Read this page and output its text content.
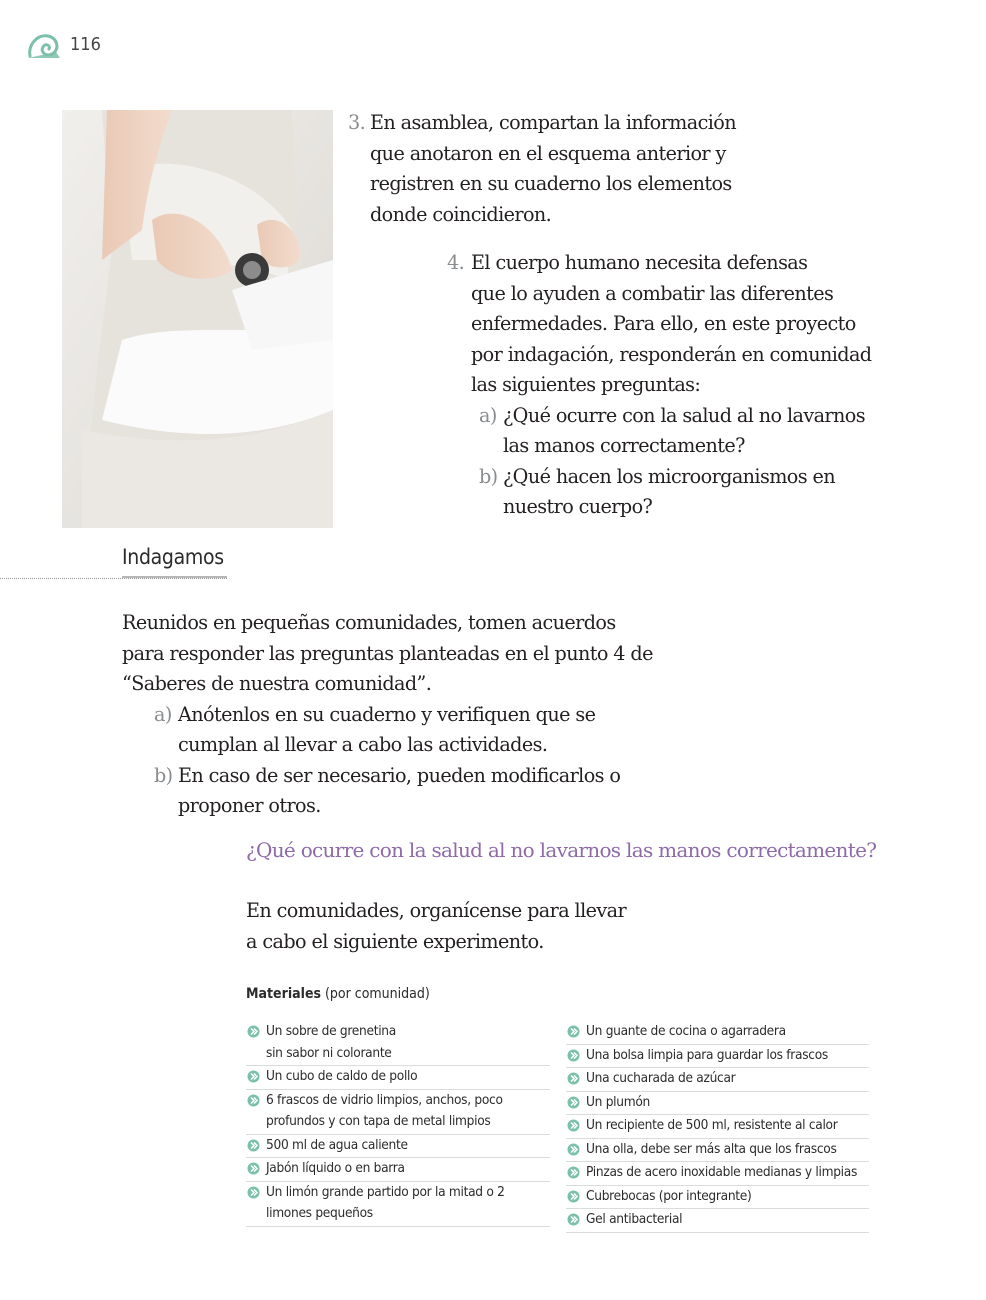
116
3. En asamblea, compartan la información
que anotaron en el esquema anterior y
registren en su cuaderno los elementos
donde coincidieron.
4. El cuerpo humano necesita defensas
que lo ayuden a combatir las diferentes
enfermedades. Para ello, en este proyecto
por indagación, responderán en comunidad
las siguientes preguntas:
a) ¿Qué ocurre con la salud al no lavarnos
las manos correctamente?
b) ¿Qué hacen los microorganismos en
nuestro cuerpo?
Indagamos
Reunidos en pequeñas comunidades, tomen acuerdos
para responder las preguntas planteadas en el punto 4 de
“Saberes de nuestra comunidad”.
a) Anótenlos en su cuaderno y verifiquen que se
cumplan al llevar a cabo las actividades.
b) En caso de ser necesario, pueden modificarlos o
proponer otros.
¿Qué ocurre con la salud al no lavarnos las manos correctamente?
En comunidades, organícense para llevar
a cabo el siguiente experimento.
Materiales (por comunidad)
Un sobre de grenetina
sin sabor ni colorante
Un cubo de caldo de pollo
6 frascos de vidrio limpios, anchos, poco
profundos y con tapa de metal limpios
500 ml de agua caliente
Jabón líquido o en barra
Un limón grande partido por la mitad o 2
limones pequeños
Un guante de cocina o agarradera
Una bolsa limpia para guardar los frascos
Una cucharada de azúcar
Un plumón
Un recipiente de 500 ml, resistente al calor
Una olla, debe ser más alta que los frascos
Pinzas de acero inoxidable medianas y limpias
Cubrebocas (por integrante)
Gel antibacterial
